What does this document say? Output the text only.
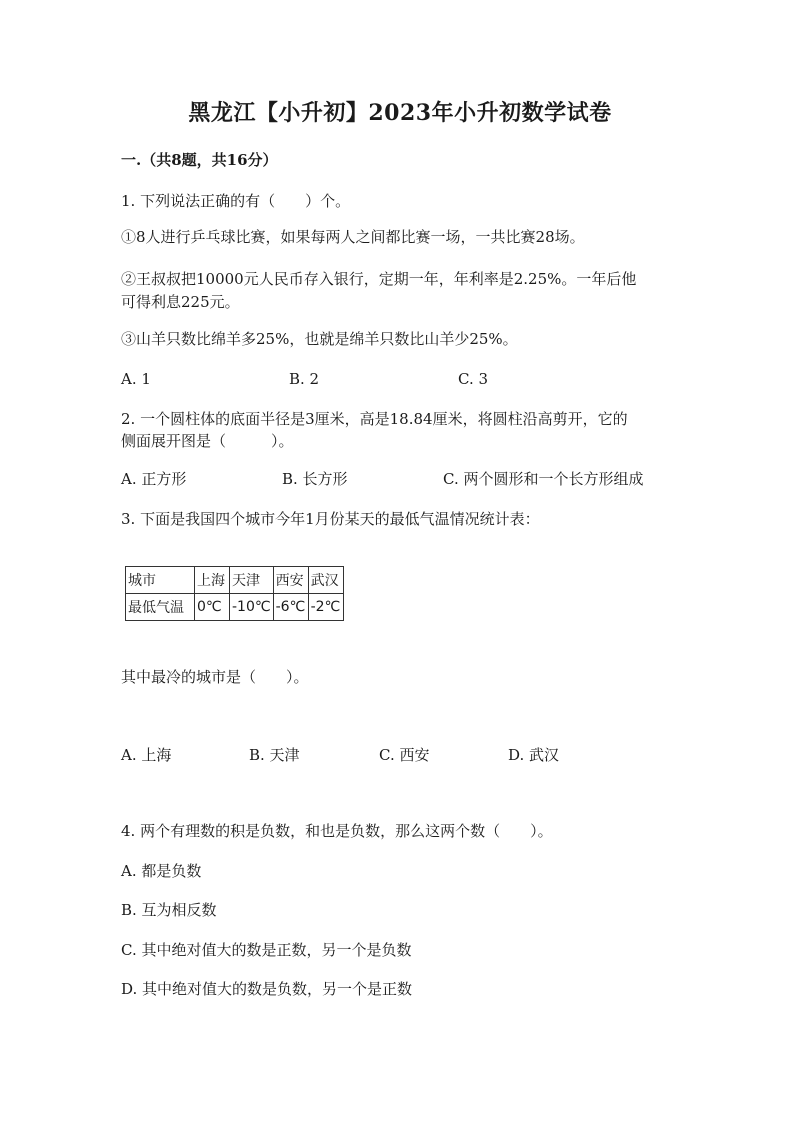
黑龙江【小升初】2023年小升初数学试卷
一.（共8题，共16分）
1. 下列说法正确的有（　　）个。
①8人进行乒乓球比赛，如果每两人之间都比赛一场，一共比赛28场。
②王叔叔把10000元人民币存入银行，定期一年，年利率是2.25%。一年后他
可得利息225元。
③山羊只数比绵羊多25%，也就是绵羊只数比山羊少25%。
A. 1	B. 2	C. 3
2. 一个圆柱体的底面半径是3厘米，高是18.84厘米，将圆柱沿高剪开，它的
侧面展开图是（　　　）。
A. 正方形	B. 长方形	C. 两个圆形和一个长方形组成
3. 下面是我国四个城市今年1月份某天的最低气温情况统计表：
城市	上海	天津	西安	武汉
最低气温	0℃	-10℃	-6℃	-2℃
其中最冷的城市是（　　）。
A. 上海	B. 天津	C. 西安	D. 武汉
4. 两个有理数的积是负数，和也是负数，那么这两个数（　　）。
A. 都是负数
B. 互为相反数
C. 其中绝对值大的数是正数，另一个是负数
D. 其中绝对值大的数是负数，另一个是正数
